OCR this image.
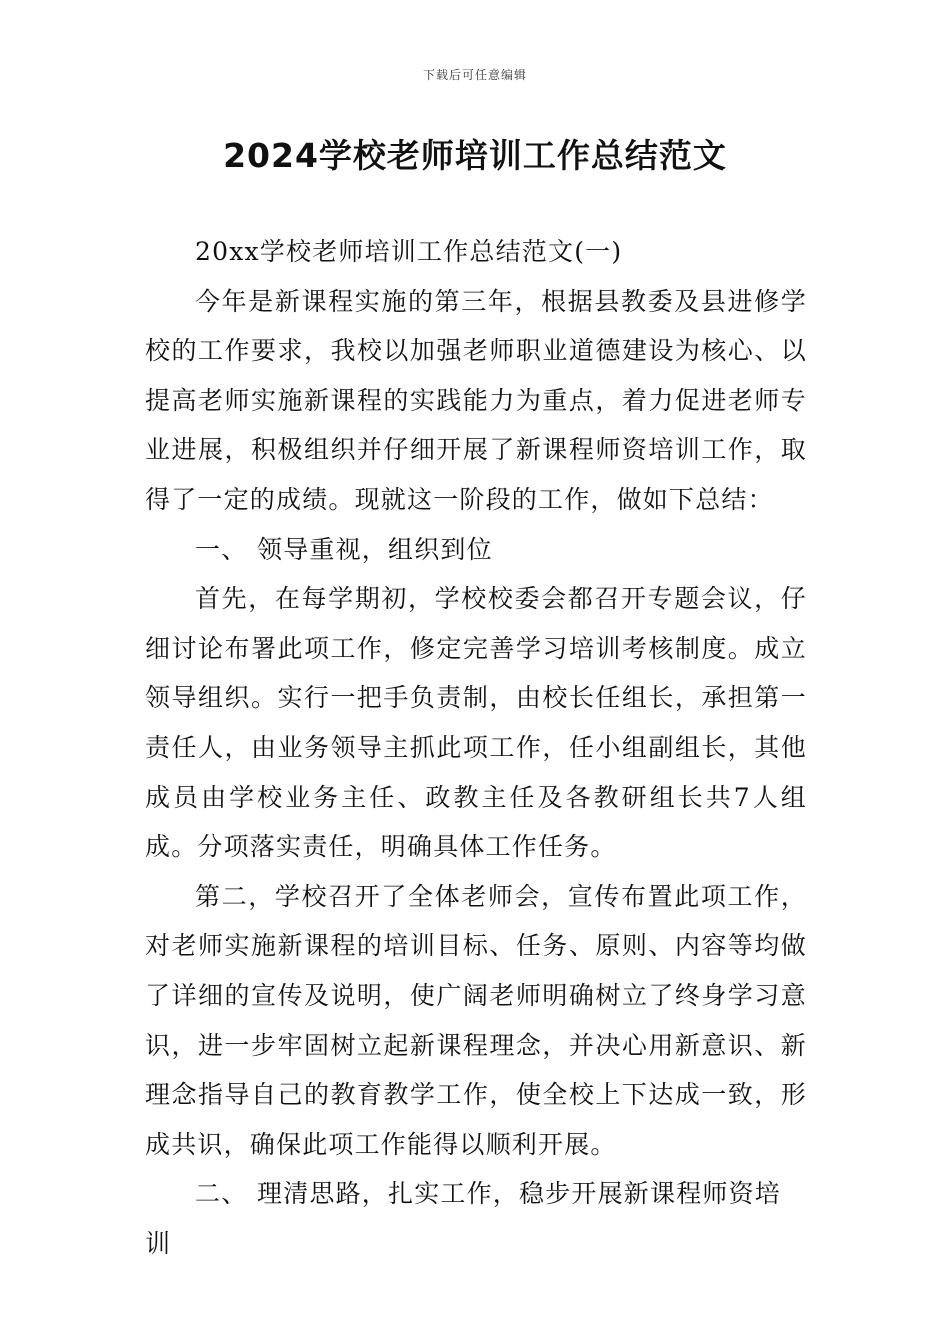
下载后可任意编辑
2024学校老师培训工作总结范文

20xx学校老师培训工作总结范文(一)

今年是新课程实施的第三年，根据县教委及县进修学校的工作要求，我校以加强老师职业道德建设为核心、以提高老师实施新课程的实践能力为重点，着力促进老师专业进展，积极组织并仔细开展了新课程师资培训工作，取得了一定的成绩。现就这一阶段的工作，做如下总结：

一、 领导重视，组织到位

首先，在每学期初，学校校委会都召开专题会议，仔细讨论布署此项工作，修定完善学习培训考核制度。成立领导组织。实行一把手负责制，由校长任组长，承担第一责任人，由业务领导主抓此项工作，任小组副组长，其他成员由学校业务主任、政教主任及各教研组长共7人组成。分项落实责任，明确具体工作任务。

第二，学校召开了全体老师会，宣传布置此项工作，对老师实施新课程的培训目标、任务、原则、内容等均做了详细的宣传及说明，使广阔老师明确树立了终身学习意识，进一步牢固树立起新课程理念，并决心用新意识、新理念指导自己的教育教学工作，使全校上下达成一致，形成共识，确保此项工作能得以顺利开展。

二、 理清思路，扎实工作，稳步开展新课程师资培训
